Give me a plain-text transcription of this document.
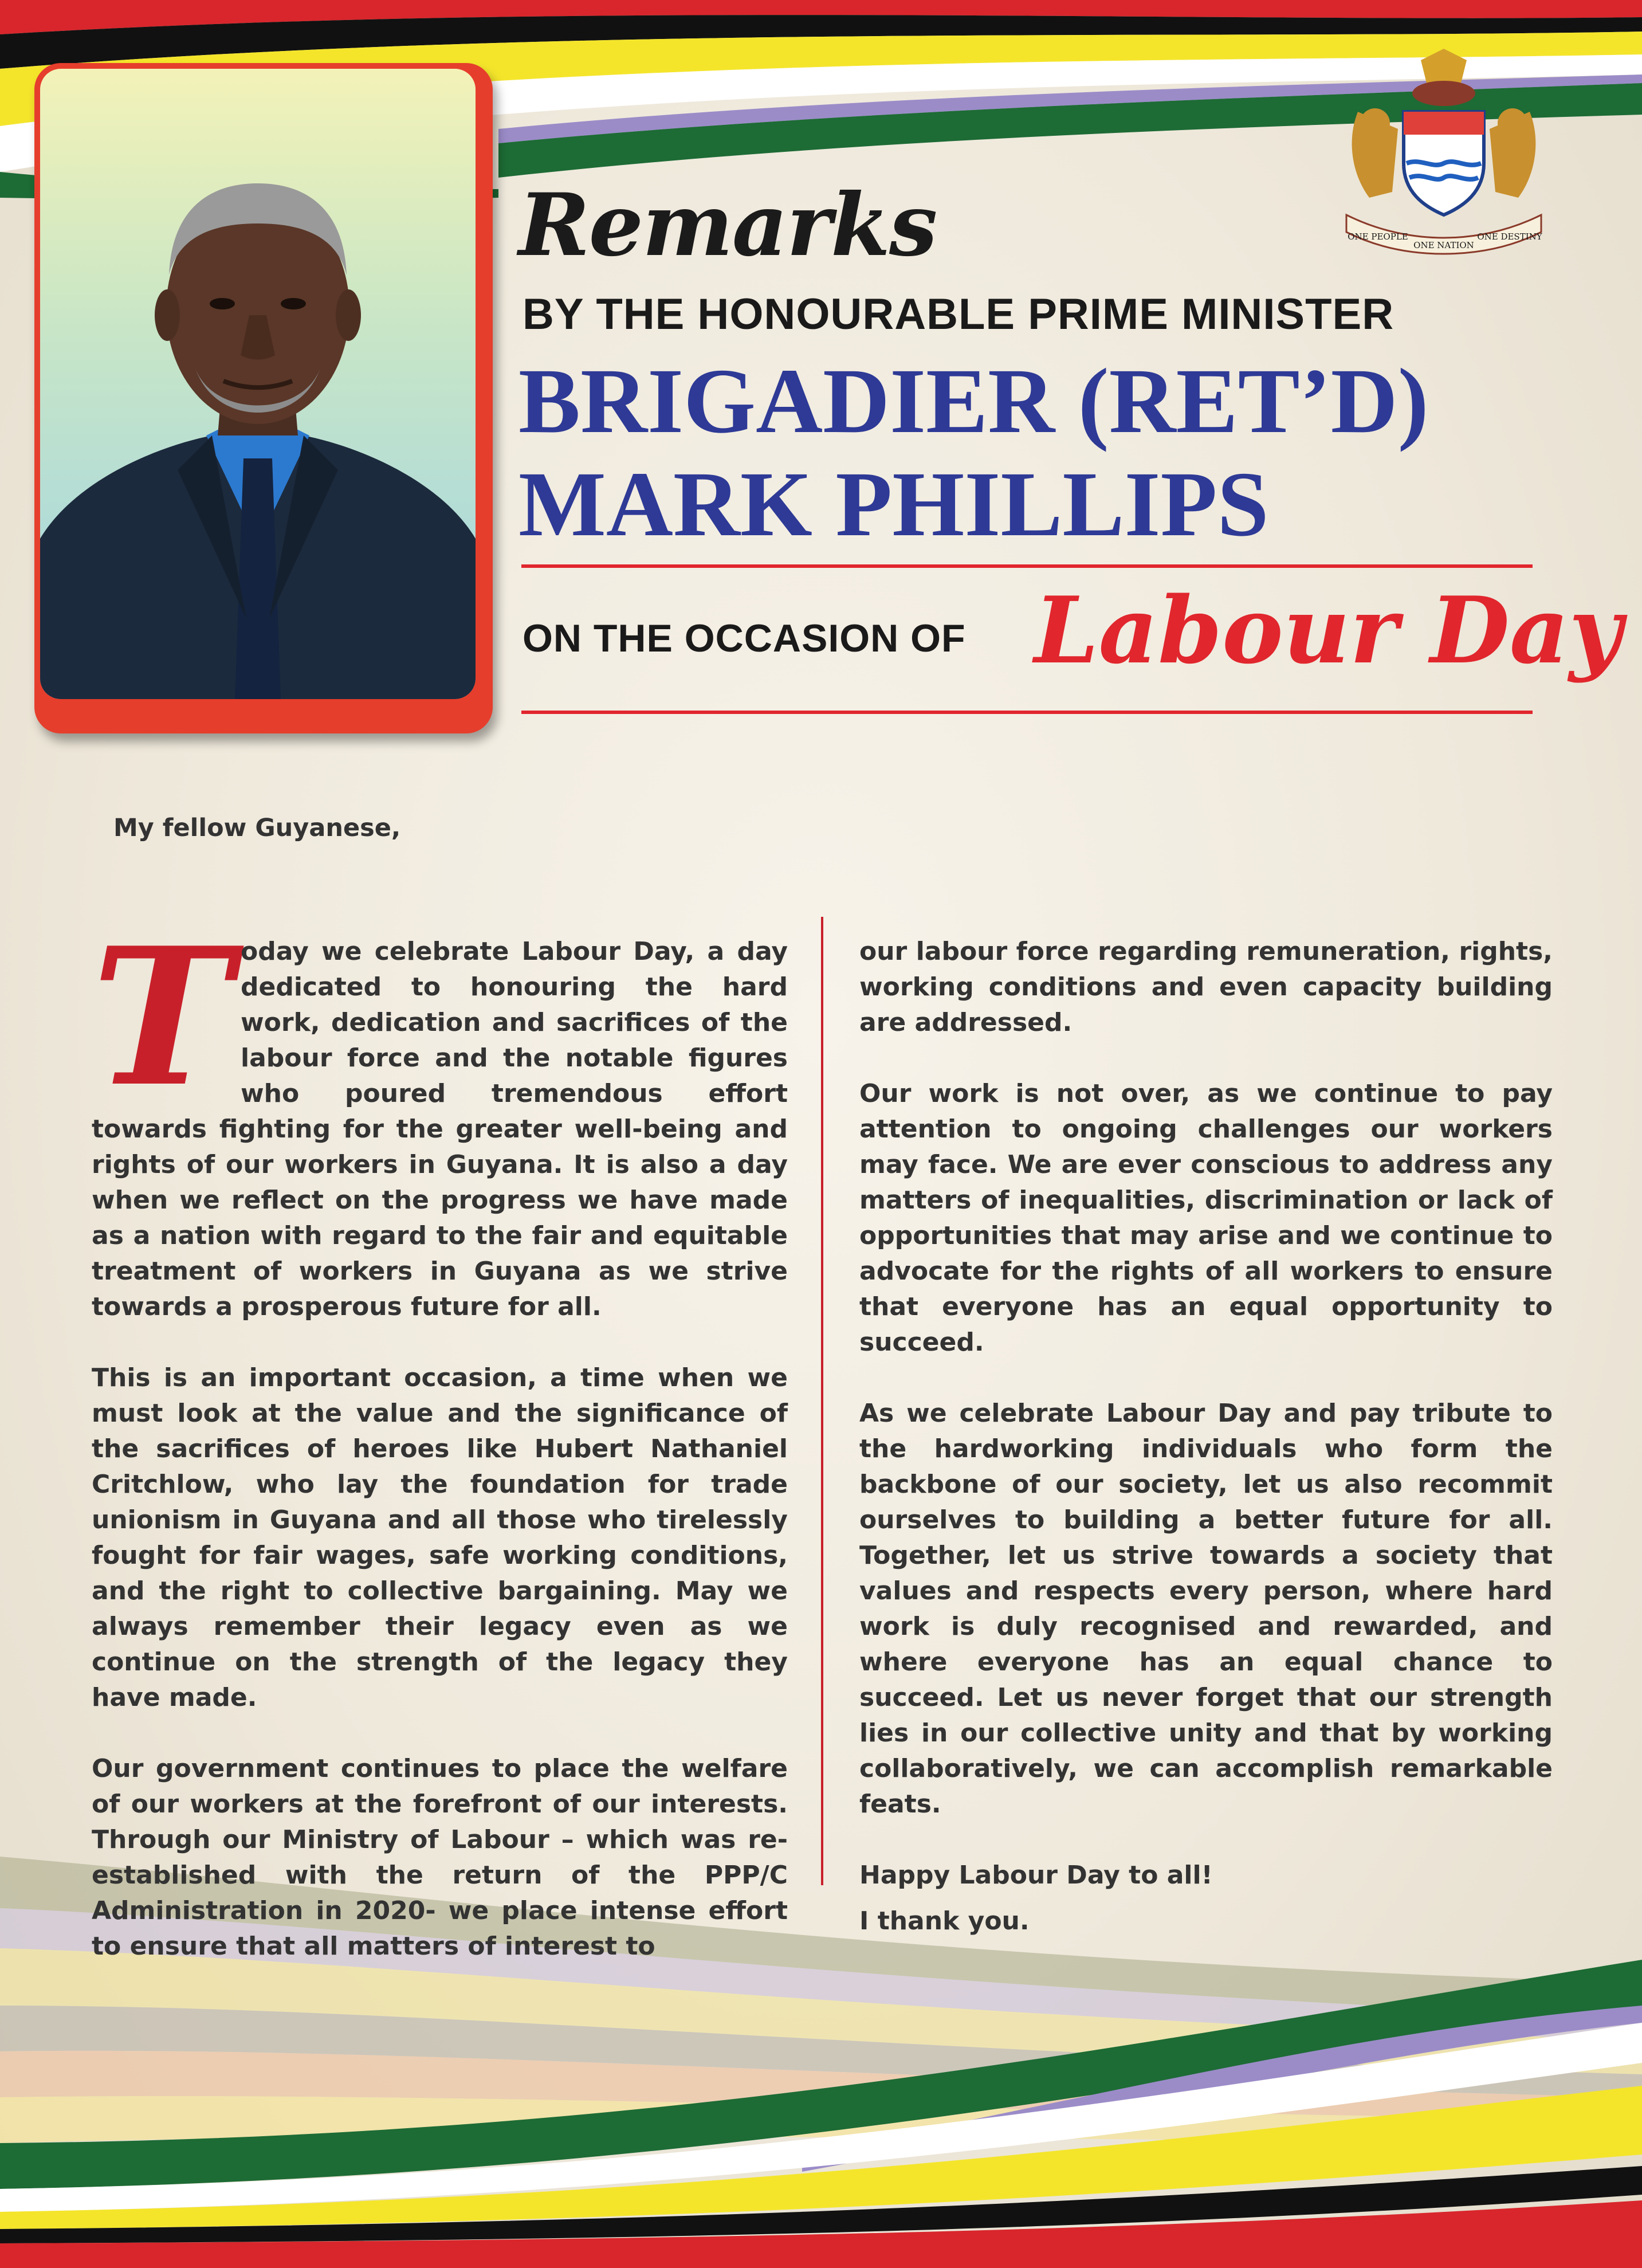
ONE PEOPLE
ONE NATION
ONE DESTINY
Remarks
BY THE HONOURABLE PRIME MINISTER
BRIGADIER (RET’D)
MARK PHILLIPS
ON THE OCCASION OF Labour Day
My fellow Guyanese,

Today we celebrate Labour Day, a day dedicated to honouring the hard work, dedication and sacrifices of the labour force and the notable figures who poured tremendous effort towards fighting for the greater well-being and rights of our workers in Guyana. It is also a day when we reflect on the progress we have made as a nation with regard to the fair and equitable treatment of workers in Guyana as we strive towards a prosperous future for all.

This is an important occasion, a time when we must look at the value and the significance of the sacrifices of heroes like Hubert Nathaniel Critchlow, who lay the foundation for trade unionism in Guyana and all those who tirelessly fought for fair wages, safe working conditions, and the right to collective bargaining. May we always remember their legacy even as we continue on the strength of the legacy they have made.

Our government continues to place the welfare of our workers at the forefront of our interests. Through our Ministry of Labour – which was re-established with the return of the PPP/C Administration in 2020- we place intense effort to ensure that all matters of interest to

our labour force regarding remuneration, rights, working conditions and even capacity building are addressed.

Our work is not over, as we continue to pay attention to ongoing challenges our workers may face. We are ever conscious to address any matters of inequalities, discrimination or lack of opportunities that may arise and we continue to advocate for the rights of all workers to ensure that everyone has an equal opportunity to succeed.

As we celebrate Labour Day and pay tribute to the hardworking individuals who form the backbone of our society, let us also recommit ourselves to building a better future for all. Together, let us strive towards a society that values and respects every person, where hard work is duly recognised and rewarded, and where everyone has an equal chance to succeed. Let us never forget that our strength lies in our collective unity and that by working collaboratively, we can accomplish remarkable feats.

Happy Labour Day to all!

I thank you.
